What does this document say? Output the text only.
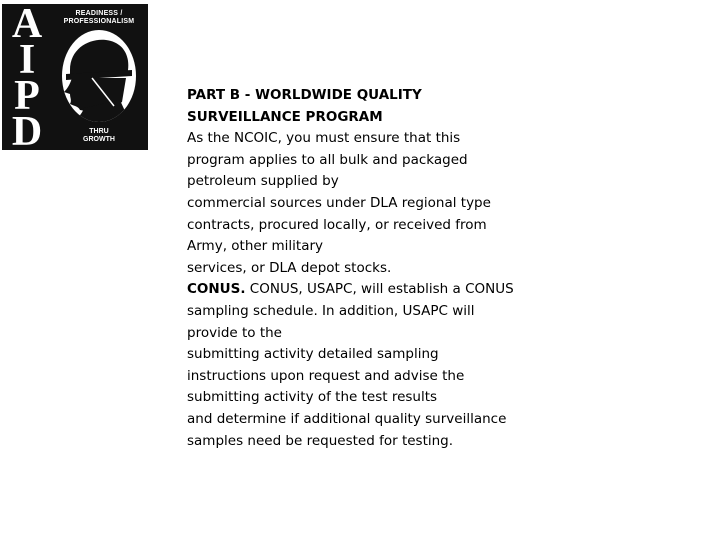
A
I
P
D
READINESS /
PROFESSIONALISM
THRU
GROWTH
PART B - WORLDWIDE QUALITY
SURVEILLANCE PROGRAM
As the NCOIC, you must ensure that this
program applies to all bulk and packaged
petroleum supplied by
commercial sources under DLA regional type
contracts, procured locally, or received from
Army, other military
services, or DLA depot stocks.
CONUS. CONUS, USAPC, will establish a CONUS
sampling schedule. In addition, USAPC will
provide to the
submitting activity detailed sampling
instructions upon request and advise the
submitting activity of the test results
and determine if additional quality surveillance
samples need be requested for testing.
